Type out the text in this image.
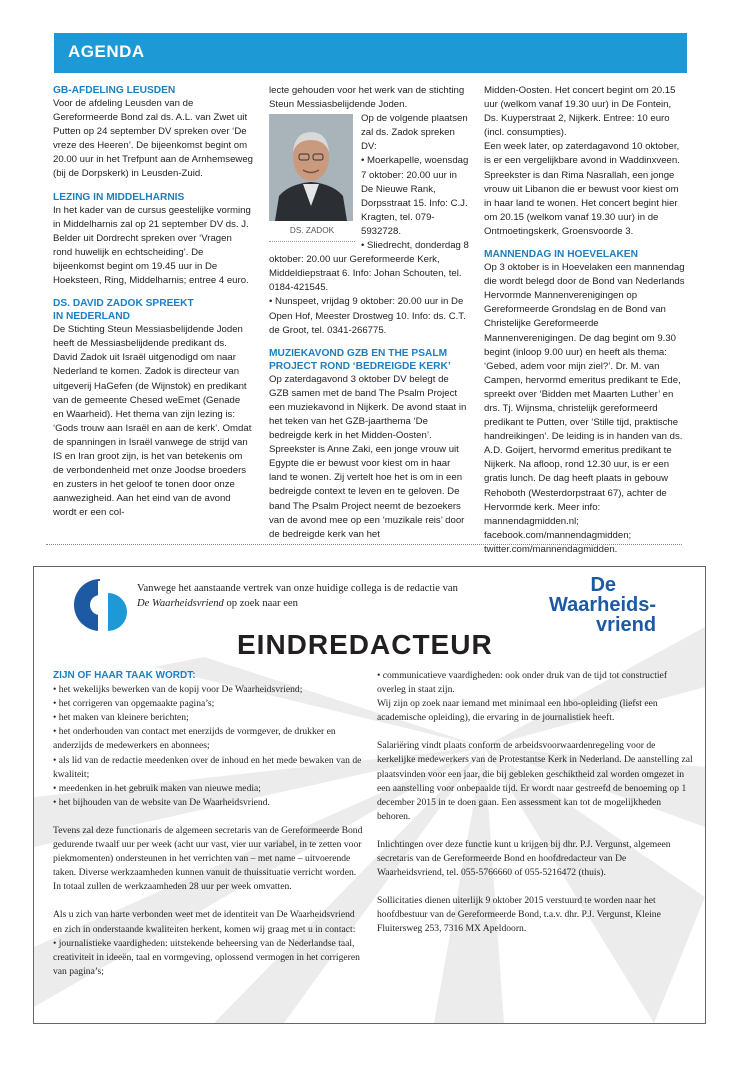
AGENDA

GB-AFDELING LEUSDEN

Voor de afdeling Leusden van de Gereformeerde Bond zal ds. A.L. van Zwet uit Putten op 24 september DV spreken over ‘De vreze des Heeren’. De bijeenkomst begint om 20.00 uur in het Trefpunt aan de Arnhemseweg (bij de Dorpskerk) in Leusden-Zuid.

LEZING IN MIDDELHARNIS

In het kader van de cursus geestelijke vorming in Middelharnis zal op 21 september DV ds. J. Belder uit Dordrecht spreken over ‘Vragen rond huwelijk en echtscheiding’. De bijeenkomst begint om 19.45 uur in De Hoeksteen, Ring, Middelharnis; entree 4 euro.

DS. DAVID ZADOK SPREEKT IN NEDERLAND

De Stichting Steun Messiasbelijdende Joden heeft de Messiasbelijdende predikant ds. David Zadok uit Israël uitgenodigd om naar Nederland te komen. Zadok is directeur van uitgeverij HaGefen (de Wijnstok) en predikant van de gemeente Chesed weEmet (Genade en Waarheid). Het thema van zijn lezing is: ‘Gods trouw aan Israël en aan de kerk’. Omdat de spanningen in Israël vanwege de strijd van IS en Iran groot zijn, is het van betekenis om de verbondenheid met onze Joodse broeders en zusters in het geloof te tonen door onze aanwezigheid. Aan het eind van de avond wordt er een col-

lecte gehouden voor het werk van de stichting Steun Messiasbelijdende Joden.

DS. ZADOK

Op de volgende plaatsen zal ds. Zadok spreken DV:

• Moerkapelle, woensdag 7 oktober: 20.00 uur in De Nieuwe Rank, Dorpsstraat 15. Info: C.J. Kragten, tel. 079-5932728.

• Sliedrecht, donderdag 8 oktober: 20.00 uur Gereformeerde Kerk, Middeldiepstraat 6. Info: Johan Schouten, tel. 0184-421545.

• Nunspeet, vrijdag 9 oktober: 20.00 uur in De Open Hof, Meester Drostweg 10. Info: ds. C.T. de Groot, tel. 0341-266775.

MUZIEKAVOND GZB EN THE PSALM PROJECT ROND ‘BEDREIGDE KERK’

Op zaterdagavond 3 oktober DV belegt de GZB samen met de band The Psalm Project een muziekavond in Nijkerk. De avond staat in het teken van het GZB-jaarthema ‘De bedreigde kerk in het Midden-Oosten’. Spreekster is Anne Zaki, een jonge vrouw uit Egypte die er bewust voor kiest om in haar land te wonen. Zij vertelt hoe het is om in een bedreigde context te leven en te geloven. De band The Psalm Project neemt de bezoekers van de avond mee op een ‘muzikale reis’ door de bedreigde kerk van het

Midden-Oosten. Het concert begint om 20.15 uur (welkom vanaf 19.30 uur) in De Fontein, Ds. Kuyperstraat 2, Nijkerk. Entree: 10 euro (incl. consumpties).

Een week later, op zaterdagavond 10 oktober, is er een vergelijkbare avond in Waddinxveen. Spreekster is dan Rima Nasrallah, een jonge vrouw uit Libanon die er bewust voor kiest om in haar land te wonen. Het concert begint hier om 20.15 (welkom vanaf 19.30 uur) in de Ontmoetingskerk, Groensvoorde 3.

MANNENDAG IN HOEVELAKEN

Op 3 oktober is in Hoevelaken een mannendag die wordt belegd door de Bond van Nederlands Hervormde Mannenverenigingen op Gereformeerde Grondslag en de Bond van Christelijke Gereformeerde Mannenverenigingen. De dag begint om 9.30 begint (inloop 9.00 uur) en heeft als thema: ‘Gebed, adem voor mijn ziel?’. Dr. M. van Campen, hervormd emeritus predikant te Ede, spreekt over ‘Bidden met Maarten Luther’ en drs. Tj. Wijnsma, christelijk gereformeerd predikant te Putten, over ‘Stille tijd, praktische handreikingen’. De leiding is in handen van ds. A.D. Goijert, hervormd emeritus predikant te Nijkerk. Na afloop, rond 12.30 uur, is er een gratis lunch. De dag heeft plaats in gebouw Rehoboth (Westerdorpstraat 67), achter de Hervormde kerk. Meer info: mannendagmidden.nl; facebook.com/mannendagmidden; twitter.com/mannendagmidden.

Vanwege het aanstaande vertrek van onze huidige collega is de redactie van
De Waarheidsvriend op zoek naar een
De
Waarheids-
vriend
EINDREDACTEUR

ZIJN OF HAAR TAAK WORDT:

• het wekelijks bewerken van de kopij voor De Waarheidsvriend;

• het corrigeren van opgemaakte pagina’s;

• het maken van kleinere berichten;

• het onderhouden van contact met enerzijds de vormgever, de drukker en anderzijds de medewerkers en abonnees;

• als lid van de redactie meedenken over de inhoud en het mede bewaken van de kwaliteit;

• meedenken in het gebruik maken van nieuwe media;

• het bijhouden van de website van De Waarheidsvriend.

Tevens zal deze functionaris de algemeen secretaris van de Gereformeerde Bond gedurende twaalf uur per week (acht uur vast, vier uur variabel, in te zetten voor piekmomenten) ondersteunen in het verrichten van – met name – uitvoerende taken. Diverse werkzaamheden kunnen vanuit de thuissituatie verricht worden. In totaal zullen de werkzaamheden 28 uur per week omvatten.

Als u zich van harte verbonden weet met de identiteit van De Waarheidsvriend en zich in onderstaande kwaliteiten herkent, komen wij graag met u in contact:

• journalistieke vaardigheden: uitstekende beheersing van de Nederlandse taal, creativiteit in ideeën, taal en vormgeving, oplossend vermogen in het corrigeren van pagina’s;

• communicatieve vaardigheden: ook onder druk van de tijd tot constructief overleg in staat zijn.

Wij zijn op zoek naar iemand met minimaal een hbo-opleiding (liefst een academische opleiding), die ervaring in de journalistiek heeft.

Salariëring vindt plaats conform de arbeidsvoorwaardenregeling voor de kerkelijke medewerkers van de Protestantse Kerk in Nederland. De aanstelling zal plaatsvinden voor een jaar, die bij gebleken geschiktheid zal worden omgezet in een aanstelling voor onbepaalde tijd. Er wordt naar gestreefd de benoeming op 1 december 2015 in te doen gaan. Een assessment kan tot de mogelijkheden behoren.

Inlichtingen over deze functie kunt u krijgen bij dhr. P.J. Vergunst, algemeen secretaris van de Gereformeerde Bond en hoofdredacteur van De Waarheidsvriend, tel. 055-5766660 of 055-5216472 (thuis).

Sollicitaties dienen uiterlijk 9 oktober 2015 verstuurd te worden naar het hoofdbestuur van de Gereformeerde Bond, t.a.v. dhr. P.J. Vergunst, Kleine Fluitersweg 253, 7316 MX Apeldoorn.
